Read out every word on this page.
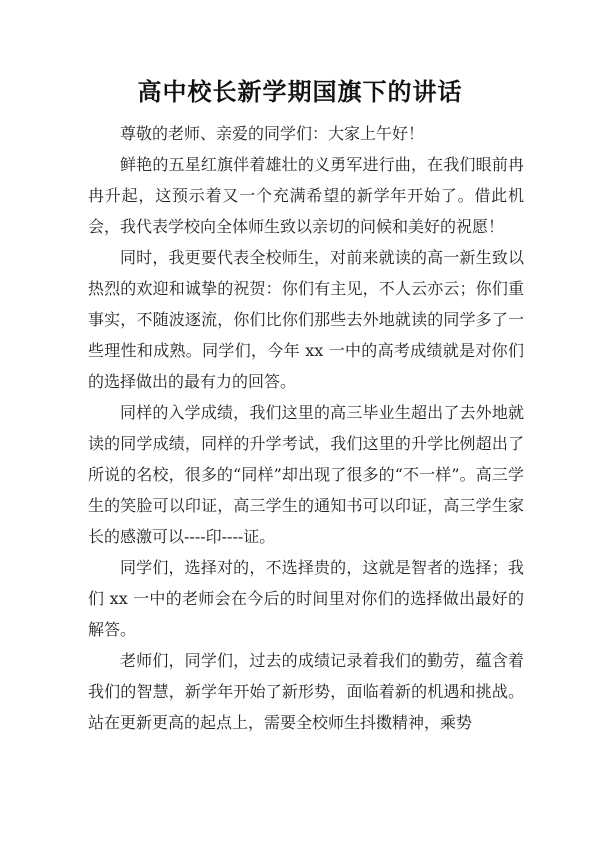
高中校长新学期国旗下的讲话

尊敬的老师、亲爱的同学们：大家上午好！

鲜艳的五星红旗伴着雄壮的义勇军进行曲，在我们眼前冉冉升起，这预示着又一个充满希望的新学年开始了。借此机会，我代表学校向全体师生致以亲切的问候和美好的祝愿！

同时，我更要代表全校师生，对前来就读的高一新生致以热烈的欢迎和诚挚的祝贺：你们有主见，不人云亦云；你们重事实，不随波逐流，你们比你们那些去外地就读的同学多了一些理性和成熟。同学们，今年 xx 一中的高考成绩就是对你们的选择做出的最有力的回答。

同样的入学成绩，我们这里的高三毕业生超出了去外地就读的同学成绩，同样的升学考试，我们这里的升学比例超出了所说的名校，很多的“同样”却出现了很多的“不一样”。高三学生的笑脸可以印证，高三学生的通知书可以印证，高三学生家长的感激可以----印----证。

同学们，选择对的，不选择贵的，这就是智者的选择；我们 xx 一中的老师会在今后的时间里对你们的选择做出最好的解答。

老师们，同学们，过去的成绩记录着我们的勤劳，蕴含着我们的智慧，新学年开始了新形势，面临着新的机遇和挑战。站在更新更高的起点上，需要全校师生抖擞精神，乘势
